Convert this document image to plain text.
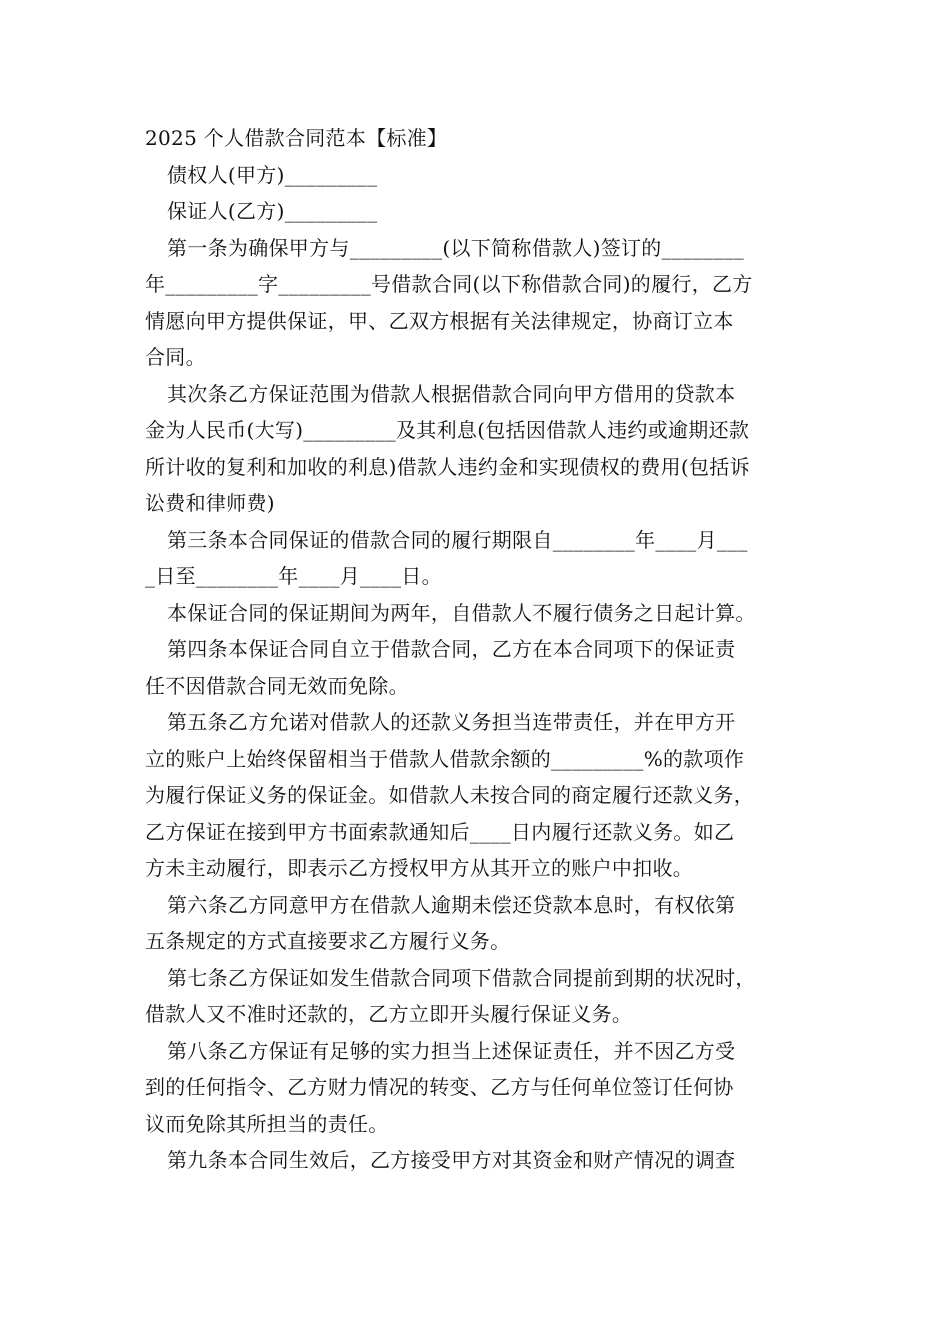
2025 个人借款合同范本【标准】
债权人(甲方)_________
保证人(乙方)_________
第一条为确保甲方与_________(以下简称借款人)签订的________
年_________字_________号借款合同(以下称借款合同)的履行，乙方
情愿向甲方提供保证，甲、乙双方根据有关法律规定，协商订立本
合同。
其次条乙方保证范围为借款人根据借款合同向甲方借用的贷款本
金为人民币(大写)_________及其利息(包括因借款人违约或逾期还款
所计收的复利和加收的利息)借款人违约金和实现债权的费用(包括诉
讼费和律师费)
第三条本合同保证的借款合同的履行期限自________年____月___
_日至________年____月____日。
本保证合同的保证期间为两年，自借款人不履行债务之日起计算。
第四条本保证合同自立于借款合同，乙方在本合同项下的保证责
任不因借款合同无效而免除。
第五条乙方允诺对借款人的还款义务担当连带责任，并在甲方开
立的账户上始终保留相当于借款人借款余额的_________%的款项作
为履行保证义务的保证金。如借款人未按合同的商定履行还款义务，
乙方保证在接到甲方书面索款通知后____日内履行还款义务。如乙
方未主动履行，即表示乙方授权甲方从其开立的账户中扣收。
第六条乙方同意甲方在借款人逾期未偿还贷款本息时，有权依第
五条规定的方式直接要求乙方履行义务。
第七条乙方保证如发生借款合同项下借款合同提前到期的状况时，
借款人又不准时还款的，乙方立即开头履行保证义务。
第八条乙方保证有足够的实力担当上述保证责任，并不因乙方受
到的任何指令、乙方财力情况的转变、乙方与任何单位签订任何协
议而免除其所担当的责任。
第九条本合同生效后，乙方接受甲方对其资金和财产情况的调查
